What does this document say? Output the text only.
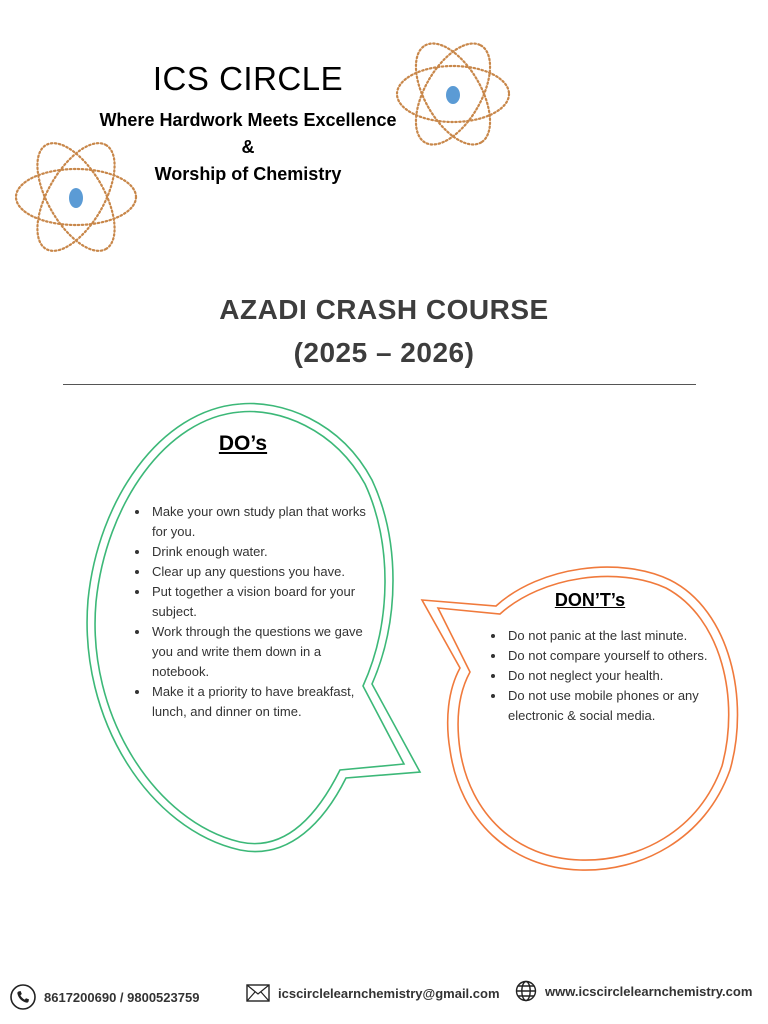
ICS CIRCLE
Where Hardwork Meets Excellence
&
Worship of Chemistry
AZADI CRASH COURSE
(2025 – 2026)
DO’s
• Make your own study plan that works for you.
• Drink enough water.
• Clear up any questions you have.
• Put together a vision board for your subject.
• Work through the questions we gave you and write them down in a notebook.
• Make it a priority to have breakfast, lunch, and dinner on time.
DON’T’s
• Do not panic at the last minute.
• Do not compare yourself to others.
• Do not neglect your health.
• Do not use mobile phones or any electronic & social media.
8617200690 / 9800523759	icscirclelearnchemistry@gmail.com	www.icscirclelearnchemistry.com
